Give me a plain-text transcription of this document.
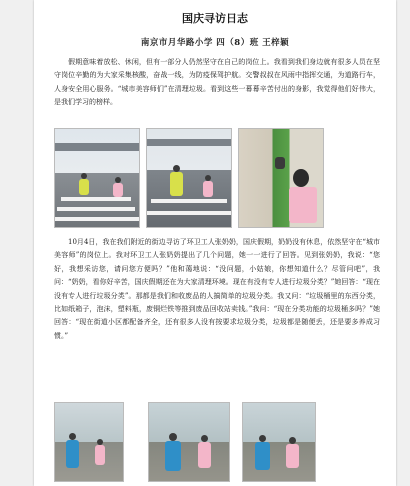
国庆寻访日志
南京市月华路小学 四（8）班 王梓颖
假期意味着放松、休闲，但有一部分人仍然坚守在自己的岗位上。我看到我们身边就有很多人员在坚守岗位辛勤的为大家采集核酸，奋战一线，为防疫保驾护航。交警叔叔在风雨中指挥交通，为道路行车，人身安全用心服务。“城市美容师们”在清理垃圾。看到这些一幕幕辛苦付出的身影，我觉得他们好伟大，是我们学习的榜样。
10月4日，我在我们附近的街边寻访了环卫工人张奶奶，国庆假期，奶奶没有休息，依然坚守在“城市美容师”的岗位上。我对环卫工人张奶奶提出了几个问题，她一一进行了回答。见到张奶奶，我说：“您好，我想采访您，请问您方便吗？”他和蔼地说：“没问题，小姑娘，你想知道什么？尽管问吧”，我问：“奶奶，看你好辛苦，国庆假期还在为大家清理环境。现在有没有专人进行垃圾分类？”她回答：“现在没有专人进行垃圾分类”。那都是我们和收废品的人搞简单的垃圾分类。我又问：“垃圾桶里的东西分类，比如纸箱子，泡沫，塑料瓶，废铜烂铁等推到废品回收站卖钱。”我问：“现在分类功能的垃圾桶多吗？”她回答：“现在街道小区都配备齐全，还有很多人没有按要求垃圾分类，垃圾都是随便丢，还是要多养成习惯。”
